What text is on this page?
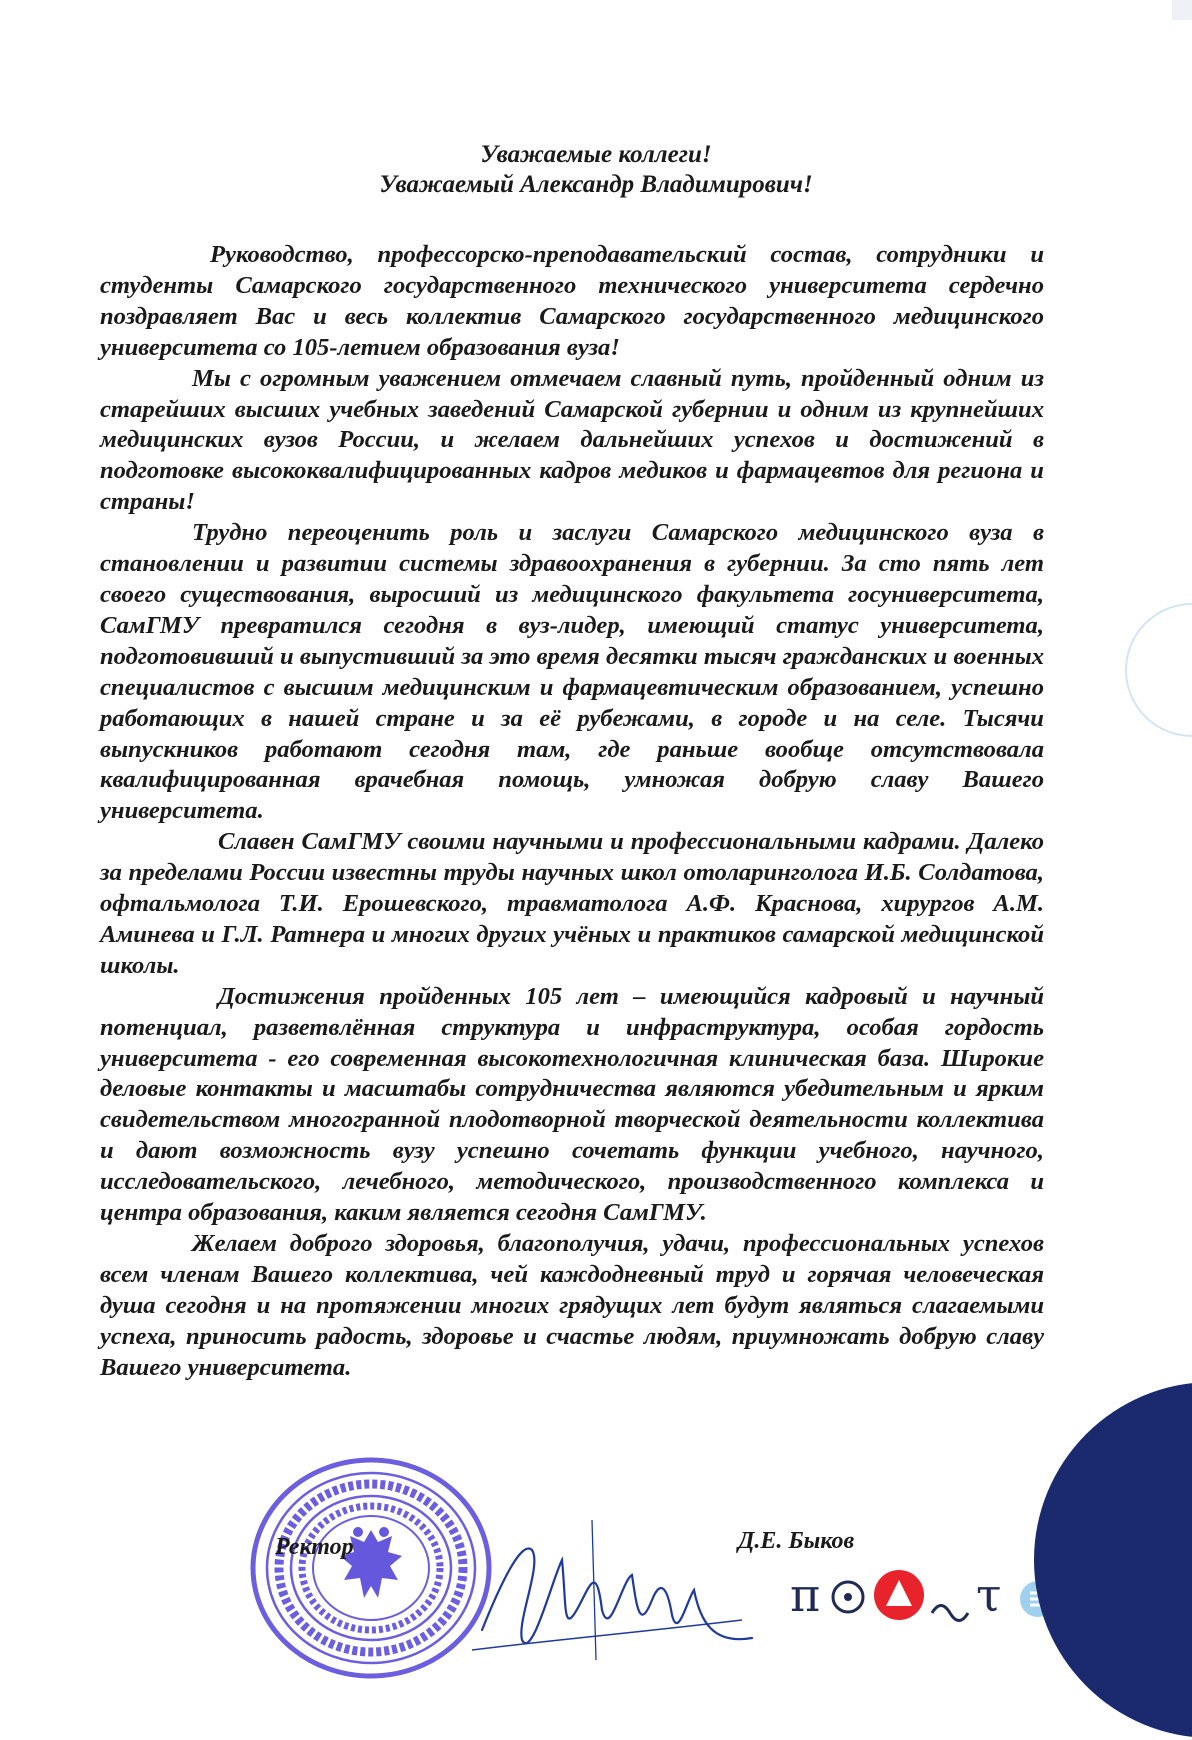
Уважаемые коллеги!
Уважаемый Александр Владимирович!

Руководство, профессорско-преподавательский состав, сотрудники и студенты Самарского государственного технического университета сердечно поздравляет Вас и весь коллектив Самарского государственного медицинского университета со 105-летием образования вуза!

Мы с огромным уважением отмечаем славный путь, пройденный одним из старейших высших учебных заведений Самарской губернии и одним из крупнейших медицинских вузов России, и желаем дальнейших успехов и достижений в подготовке высококвалифицированных кадров медиков и фармацевтов для региона и страны!

Трудно переоценить роль и заслуги Самарского медицинского вуза в становлении и развитии системы здравоохранения в губернии. За сто пять лет своего существования, выросший из медицинского факультета госуниверситета, СамГМУ превратился сегодня в вуз-лидер, имеющий статус университета, подготовивший и выпустивший за это время десятки тысяч гражданских и военных специалистов с высшим медицинским и фармацевтическим образованием, успешно работающих в нашей стране и за её рубежами, в городе и на селе. Тысячи выпускников работают сегодня там, где раньше вообще отсутствовала квалифицированная врачебная помощь, умножая добрую славу Вашего университета.

Славен СамГМУ своими научными и профессиональными кадрами. Далеко за пределами России известны труды научных школ отоларинголога И.Б. Солдатова, офтальмолога Т.И. Ерошевского, травматолога А.Ф. Краснова, хирургов А.М. Аминева и Г.Л. Ратнера и многих других учёных и практиков самарской медицинской школы.

Достижения пройденных 105 лет – имеющийся кадровый и научный потенциал, разветвлённая структура и инфраструктура, особая гордость университета - его современная высокотехнологичная клиническая база. Широкие деловые контакты и масштабы сотрудничества являются убедительным и ярким свидетельством многогранной плодотворной творческой деятельности коллектива и дают возможность вузу успешно сочетать функции учебного, научного, исследовательского, лечебного, методического, производственного комплекса и центра образования, каким является сегодня СамГМУ.

Желаем доброго здоровья, благополучия, удачи, профессиональных успехов всем членам Вашего коллектива, чей каждодневный труд и горячая человеческая душа сегодня и на протяжении многих грядущих лет будут являться слагаемыми успеха, приносить радость, здоровье и счастье людям, приумножать добрую славу Вашего университета.

Ректор	Д.Е. Быков
π	τ
